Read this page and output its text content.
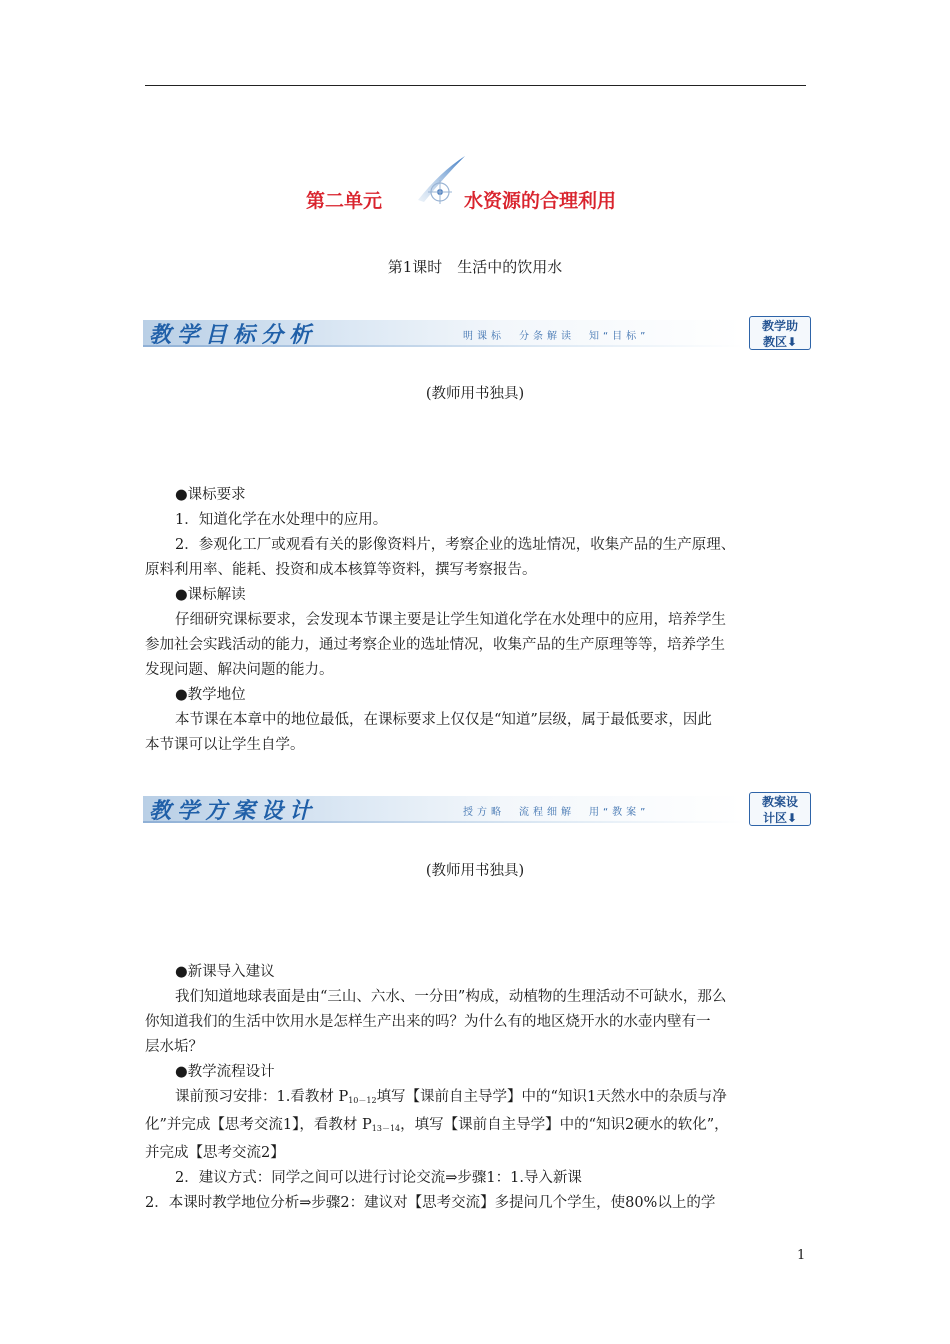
第二单元	水资源的合理利用
第1课时　生活中的饮用水
教学目标分析	明课标　分条解读　知“目标”
教学助
教区⬇
(教师用书独具)
●课标要求
1．知道化学在水处理中的应用。
2．参观化工厂或观看有关的影像资料片，考察企业的选址情况，收集产品的生产原理、
原料利用率、能耗、投资和成本核算等资料，撰写考察报告。
●课标解读
仔细研究课标要求，会发现本节课主要是让学生知道化学在水处理中的应用，培养学生
参加社会实践活动的能力，通过考察企业的选址情况，收集产品的生产原理等等，培养学生
发现问题、解决问题的能力。
●教学地位
本节课在本章中的地位最低，在课标要求上仅仅是“知道”层级，属于最低要求，因此
本节课可以让学生自学。
教学方案设计	授方略　流程细解　用“教案”
教案设
计区⬇
(教师用书独具)
●新课导入建议
我们知道地球表面是由“三山、六水、一分田”构成，动植物的生理活动不可缺水，那么
你知道我们的生活中饮用水是怎样生产出来的吗？为什么有的地区烧开水的水壶内壁有一
层水垢？
●教学流程设计
课前预习安排：1.看教材 $P_{10-12}$填写【课前自主导学】中的“知识1天然水中的杂质与净
化”并完成【思考交流1】，看教材 $P_{13-14}$，填写【课前自主导学】中的“知识2硬水的软化”，
并完成【思考交流2】
2．建议方式：同学之间可以进行讨论交流⇒步骤1：1.导入新课
2．本课时教学地位分析⇒步骤2：建议对【思考交流】多提问几个学生，使80%以上的学
1
